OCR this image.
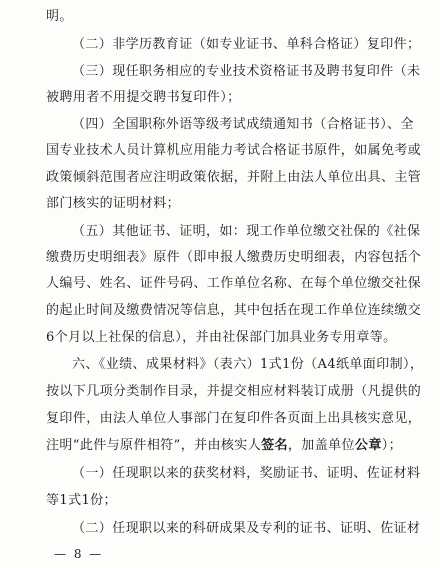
明。
（二）非学历教育证（如专业证书、单科合格证）复印件；
（三）现任职务相应的专业技术资格证书及聘书复印件（未
被聘用者不用提交聘书复印件）；
（四）全国职称外语等级考试成绩通知书（合格证书）、全
国专业技术人员计算机应用能力考试合格证书原件，如属免考或
政策倾斜范围者应注明政策依据，并附上由法人单位出具、主管
部门核实的证明材料；
（五）其他证书、证明，如：现工作单位缴交社保的《社保
缴费历史明细表》原件（即申报人缴费历史明细表，内容包括个
人编号、姓名、证件号码、工作单位名称、在每个单位缴交社保
的起止时间及缴费情况等信息，其中包括在现工作单位连续缴交
6个月以上社保的信息），并由社保部门加具业务专用章等。
六、《业绩、成果材料》（表六）1式1份（A4纸单面印制），
按以下几项分类制作目录，并提交相应材料装订成册（凡提供的
复印件，由法人单位人事部门在复印件各页面上出具核实意见，
注明“此件与原件相符”，并由核实人签名，加盖单位公章）；
（一）任现职以来的获奖材料，奖励证书、证明、佐证材料
等1式1份；
（二）任现职以来的科研成果及专利的证书、证明、佐证材
— 8 —
